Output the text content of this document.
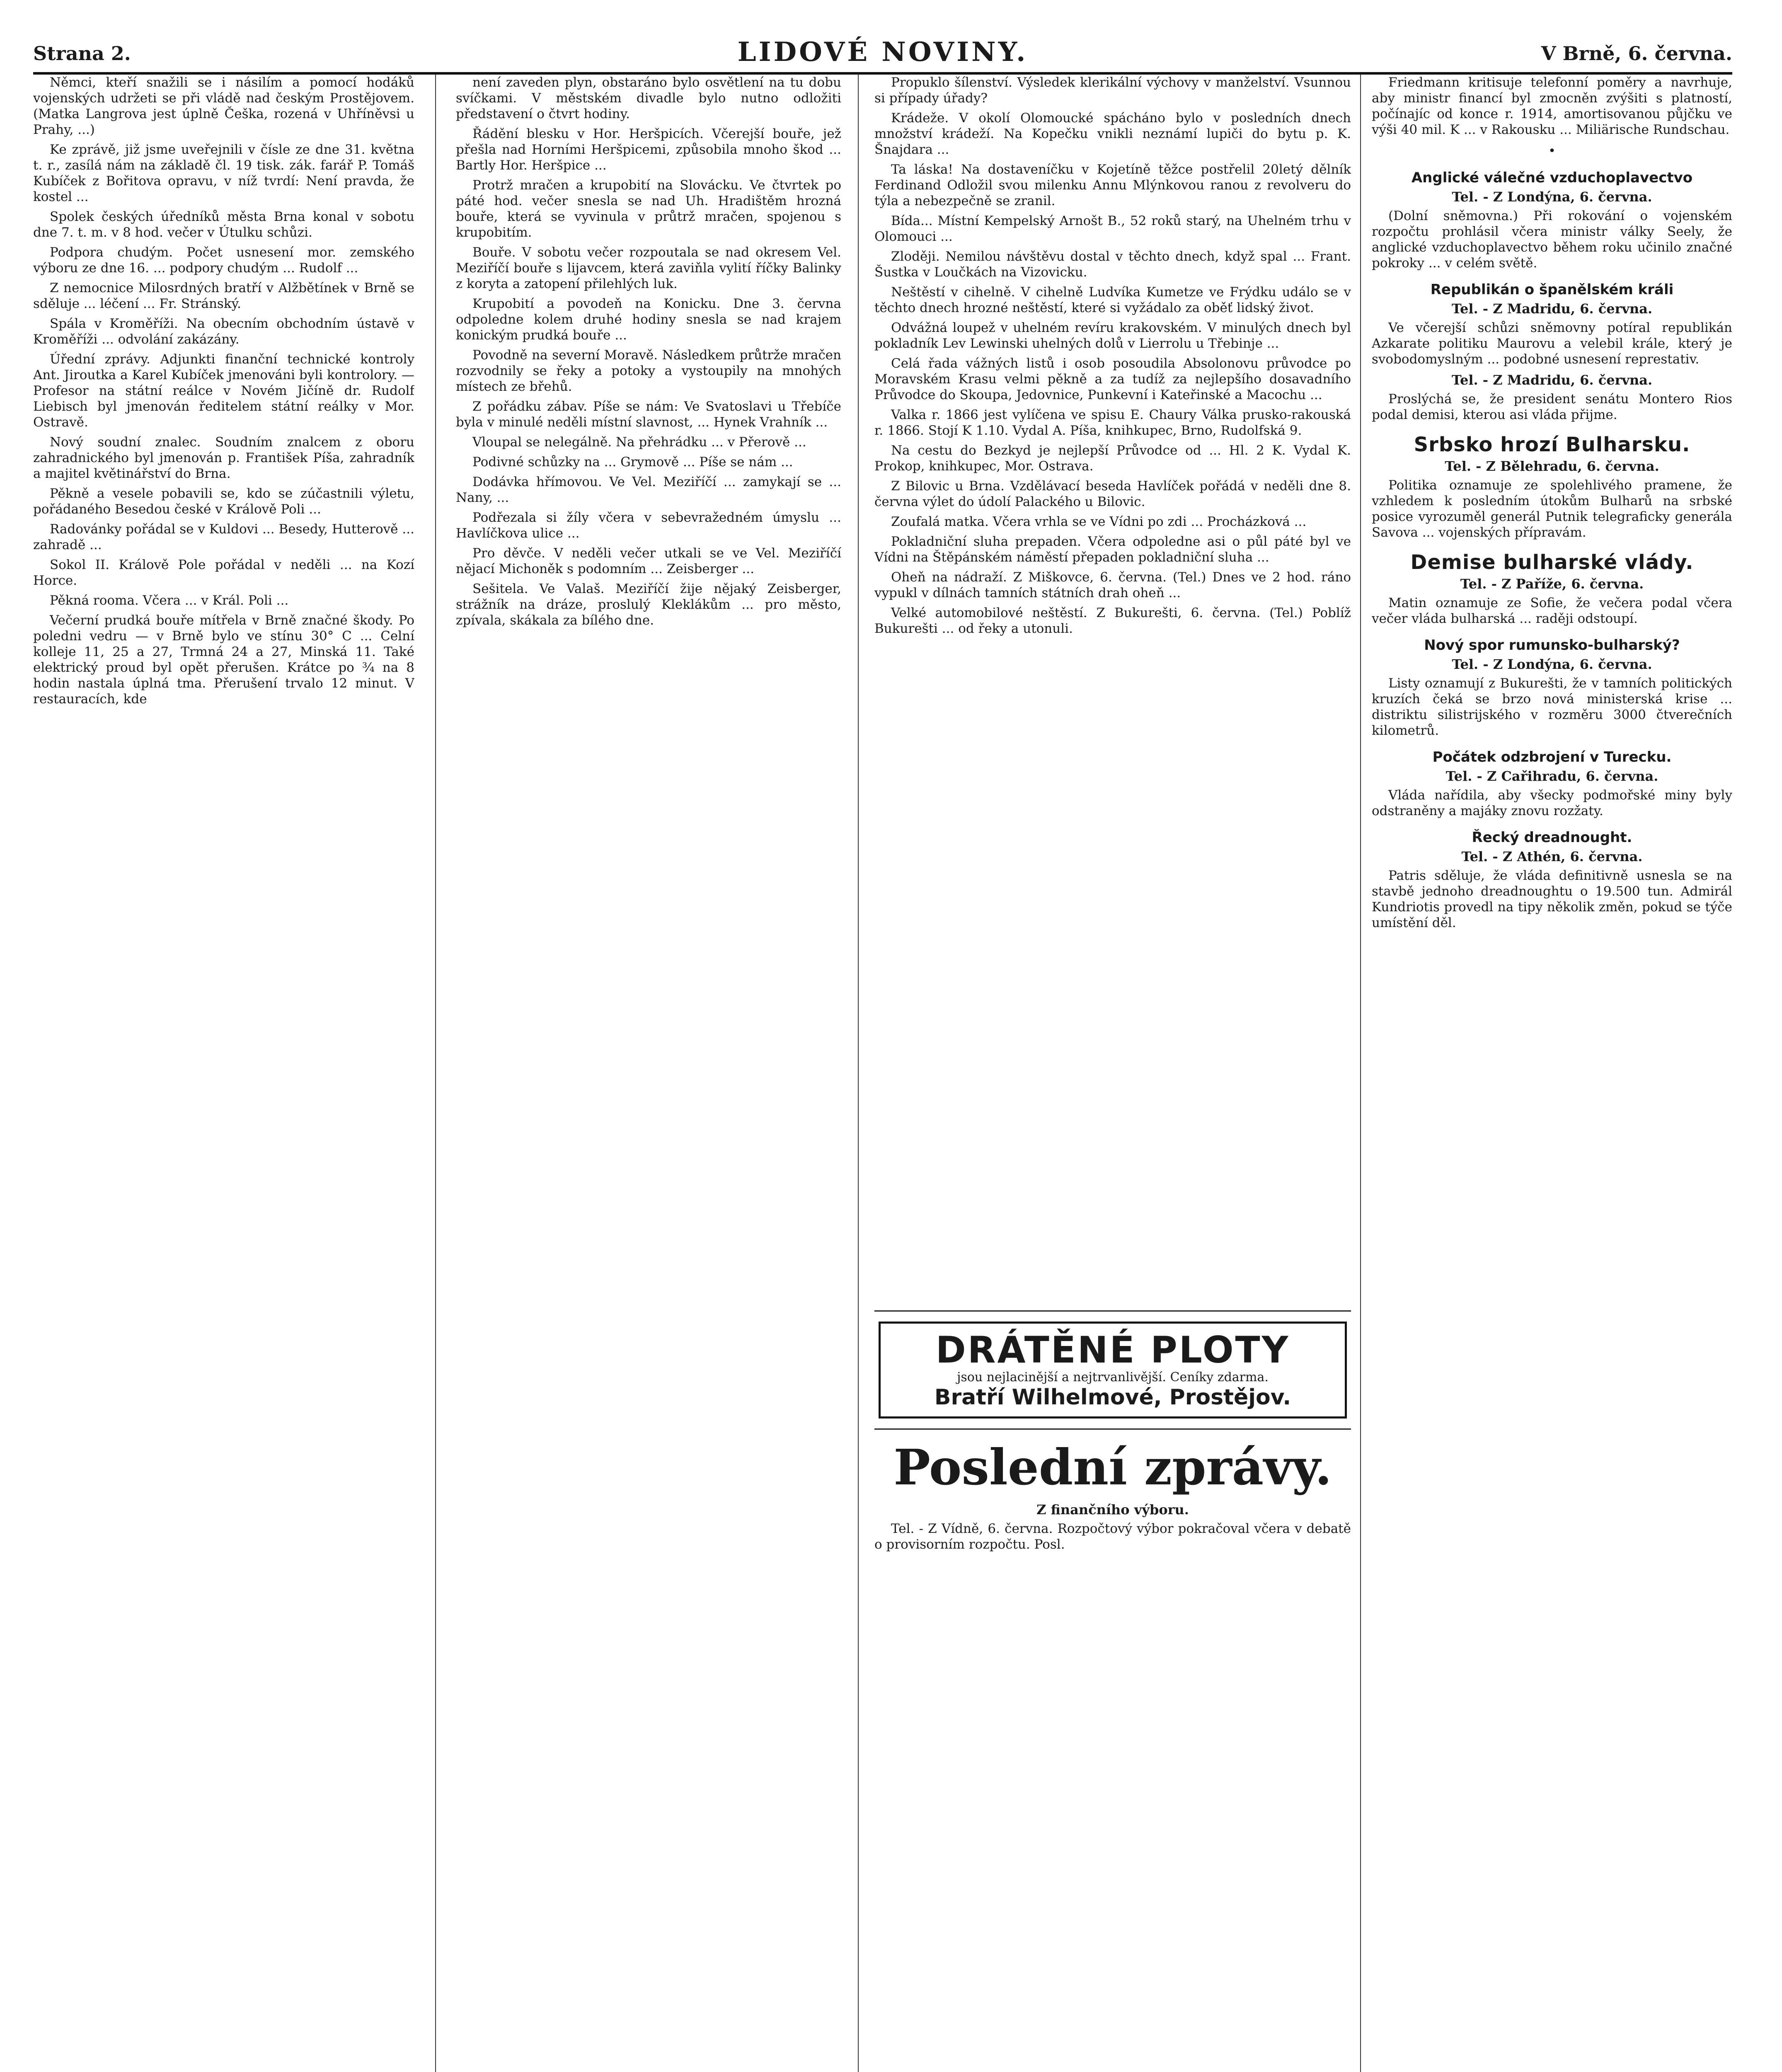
Strana 2.	LIDOVÉ NOVINY.	V Brně, 6. června.

Němci, kteří snažili se i násilím a pomocí hodáků vojenských udržeti se při vládě nad českým Prostějovem. (Matka Langrova jest úplně Češka, rozená v Uhříněvsi u Prahy, ...)

Ke zprávě, již jsme uveřejnili v čísle ze dne 31. května t. r., zasílá nám na základě čl. 19 tisk. zák. farář P. Tomáš Kubíček z Bořitova opravu, v níž tvrdí: Není pravda, že kostel ...

Spolek českých úředníků města Brna konal v sobotu dne 7. t. m. v 8 hod. večer v Útulku schůzi.

Podpora chudým. Počet usnesení mor. zemského výboru ze dne 16. ... podpory chudým ... Rudolf ...

Z nemocnice Milosrdných bratří v Alžbětínek v Brně se sděluje ... léčení ... Fr. Stránský.

Spála v Kroměříži. Na obecním obchodním ústavě v Kroměříži ... odvolání zakázány.

Úřední zprávy. Adjunkti finanční technické kontroly Ant. Jiroutka a Karel Kubíček jmenováni byli kontrolory. — Profesor na státní reálce v Novém Jičíně dr. Rudolf Liebisch byl jmenován ředitelem státní reálky v Mor. Ostravě.

Nový soudní znalec. Soudním znalcem z oboru zahradnického byl jmenován p. František Píša, zahradník a majitel květinářství do Brna.

Pěkně a vesele pobavili se, kdo se zúčastnili výletu, pořádaného Besedou české v Králově Poli ...

Radovánky pořádal se v Kuldovi ... Besedy, Hutterově ... zahradě ...

Sokol II. Králově Pole pořádal v neděli ... na Kozí Horce.

Pěkná rooma. Včera ... v Král. Poli ...

Večerní prudká bouře mítřela v Brně značné škody. Po poledni vedru — v Brně bylo ve stínu 30° C ... Celní kolleje 11, 25 a 27, Trmná 24 a 27, Minská 11. Také elektrický proud byl opět přerušen. Krátce po ¾ na 8 hodin nastala úplná tma. Přerušení trvalo 12 minut. V restauracích, kde

není zaveden plyn, obstaráno bylo osvětlení na tu dobu svíčkami. V městském divadle bylo nutno odložiti představení o čtvrt hodiny.

Řádění blesku v Hor. Heršpicích. Včerejší bouře, jež přešla nad Horními Heršpicemi, způsobila mnoho škod ... Bartly Hor. Heršpice ...

Protrž mračen a krupobití na Slovácku. Ve čtvrtek po páté hod. večer snesla se nad Uh. Hradištěm hrozná bouře, která se vyvinula v průtrž mračen, spojenou s krupobitím.

Bouře. V sobotu večer rozpoutala se nad okresem Vel. Meziříčí bouře s lijavcem, která zaviňla vylití říčky Balinky z koryta a zatopení přilehlých luk.

Krupobití a povodeň na Konicku. Dne 3. června odpoledne kolem druhé hodiny snesla se nad krajem konickým prudká bouře ...

Povodně na severní Moravě. Následkem průtrže mračen rozvodnily se řeky a potoky a vystoupily na mnohých místech ze břehů.

Z pořádku zábav. Píše se nám: Ve Svatoslavi u Třebíče byla v minulé neděli místní slavnost, ... Hynek Vrahník ...

Vloupal se nelegálně. Na přehrádku ... v Přerově ...

Podivné schůzky na ... Grymově ... Píše se nám ...

Dodávka hřímovou. Ve Vel. Meziříčí ... zamykají se ... Nany, ...

Podřezala si žíly včera v sebevražedném úmyslu ... Havlíčkova ulice ...

Pro děvče. V neděli večer utkali se ve Vel. Meziříčí nějací Michoněk s podomním ... Zeisberger ...

Sešitela. Ve Valaš. Meziříčí žije nějaký Zeisberger, strážník na dráze, proslulý Kleklákům ... pro město, zpívala, skákala za bílého dne.

Propuklo šílenství. Výsledek klerikální výchovy v manželství. Vsunnou si případy úřady?

Krádeže. V okolí Olomoucké spácháno bylo v posledních dnech množství krádeží. Na Kopečku vnikli neznámí lupiči do bytu p. K. Šnajdara ...

Ta láska! Na dostaveníčku v Kojetíně těžce postřelil 20letý dělník Ferdinand Odložil svou milenku Annu Mlýnkovou ranou z revolveru do týla a nebezpečně se zranil.

Bída... Místní Kempelský Arnošt B., 52 roků starý, na Uhelném trhu v Olomouci ...

Zloději. Nemilou návštěvu dostal v těchto dnech, když spal ... Frant. Šustka v Loučkách na Vizovicku.

Neštěstí v cihelně. V cihelně Ludvíka Kumetze ve Frýdku událo se v těchto dnech hrozné neštěstí, které si vyžádalo za oběť lidský život.

Odvážná loupež v uhelném revíru krakovském. V minulých dnech byl pokladník Lev Lewinski uhelných dolů v Lierrolu u Třebinje ...

Celá řada vážných listů i osob posoudila Absolonovu průvodce po Moravském Krasu velmi pěkně a za tudíž za nejlepšího dosavadního Průvodce do Skoupa, Jedovnice, Punkevní i Kateřinské a Macochu ...

Valka r. 1866 jest vylíčena ve spisu E. Chaury Válka prusko-rakouská r. 1866. Stojí K 1.10. Vydal A. Píša, knihkupec, Brno, Rudolfská 9.

Na cestu do Bezkyd je nejlepší Průvodce od ... Hl. 2 K. Vydal K. Prokop, knihkupec, Mor. Ostrava.

Z Bilovic u Brna. Vzdělávací beseda Havlíček pořádá v neděli dne 8. června výlet do údolí Palackého u Bilovic.

Zoufalá matka. Včera vrhla se ve Vídni po zdi ... Procházková ...

Pokladniční sluha prepaden. Včera odpoledne asi o půl páté byl ve Vídni na Štěpánském náměstí přepaden pokladniční sluha ...

Oheň na nádraží. Z Miškovce, 6. června. (Tel.) Dnes ve 2 hod. ráno vypukl v dílnách tamních státních drah oheň ...

Velké automobilové neštěstí. Z Bukurešti, 6. června. (Tel.) Poblíž Bukurešti ... od řeky a utonuli.

DRÁTĚNÉ PLOTY
jsou nejlacinější a nejtrvanlivější. Ceníky zdarma.
Bratří Wilhelmové, Prostějov.
Poslední zprávy.
Z finančního výboru.

Tel. - Z Vídně, 6. června. Rozpočtový výbor pokračoval včera v debatě o provisorním rozpočtu. Posl.

Friedmann kritisuje telefonní poměry a navrhuje, aby ministr financí byl zmocněn zvýšiti s platností, počínajíc od konce r. 1914, amortisovanou půjčku ve výši 40 mil. K ... v Rakousku ... Miliärische Rundschau.

•
Anglické válečné vzduchoplavectvo
Tel. - Z Londýna, 6. června.

(Dolní sněmovna.) Při rokování o vojenském rozpočtu prohlásil včera ministr války Seely, že anglické vzduchoplavectvo během roku učinilo značné pokroky ... v celém světě.

Republikán o španělském králi
Tel. - Z Madridu, 6. června.

Ve včerejší schůzi sněmovny potíral republikán Azkarate politiku Maurovu a velebil krále, který je svobodomyslným ... podobné usnesení represtativ.

Tel. - Z Madridu, 6. června.

Proslýchá se, že president senátu Montero Rios podal demisi, kterou asi vláda přijme.

Srbsko hrozí Bulharsku.
Tel. - Z Bělehradu, 6. června.

Politika oznamuje ze spolehlivého pramene, že vzhledem k posledním útokům Bulharů na srbské posice vyrozuměl generál Putnik telegraficky generála Savova ... vojenských přípravám.

Demise bulharské vlády.
Tel. - Z Paříže, 6. června.

Matin oznamuje ze Sofie, že večera podal včera večer vláda bulharská ... raději odstoupí.

Nový spor rumunsko-bulharský?
Tel. - Z Londýna, 6. června.

Listy oznamují z Bukurešti, že v tamních politických kruzích čeká se brzo nová ministerská krise ... distriktu silistrijského v rozměru 3000 čtverečních kilometrů.

Počátek odzbrojení v Turecku.
Tel. - Z Cařihradu, 6. června.

Vláda nařídila, aby všecky podmořské miny byly odstraněny a majáky znovu rozžaty.

Řecký dreadnought.
Tel. - Z Athén, 6. června.

Patris sděluje, že vláda definitivně usnesla se na stavbě jednoho dreadnoughtu o 19.500 tun. Admirál Kundriotis provedl na tipy několik změn, pokud se týče umístění děl.
